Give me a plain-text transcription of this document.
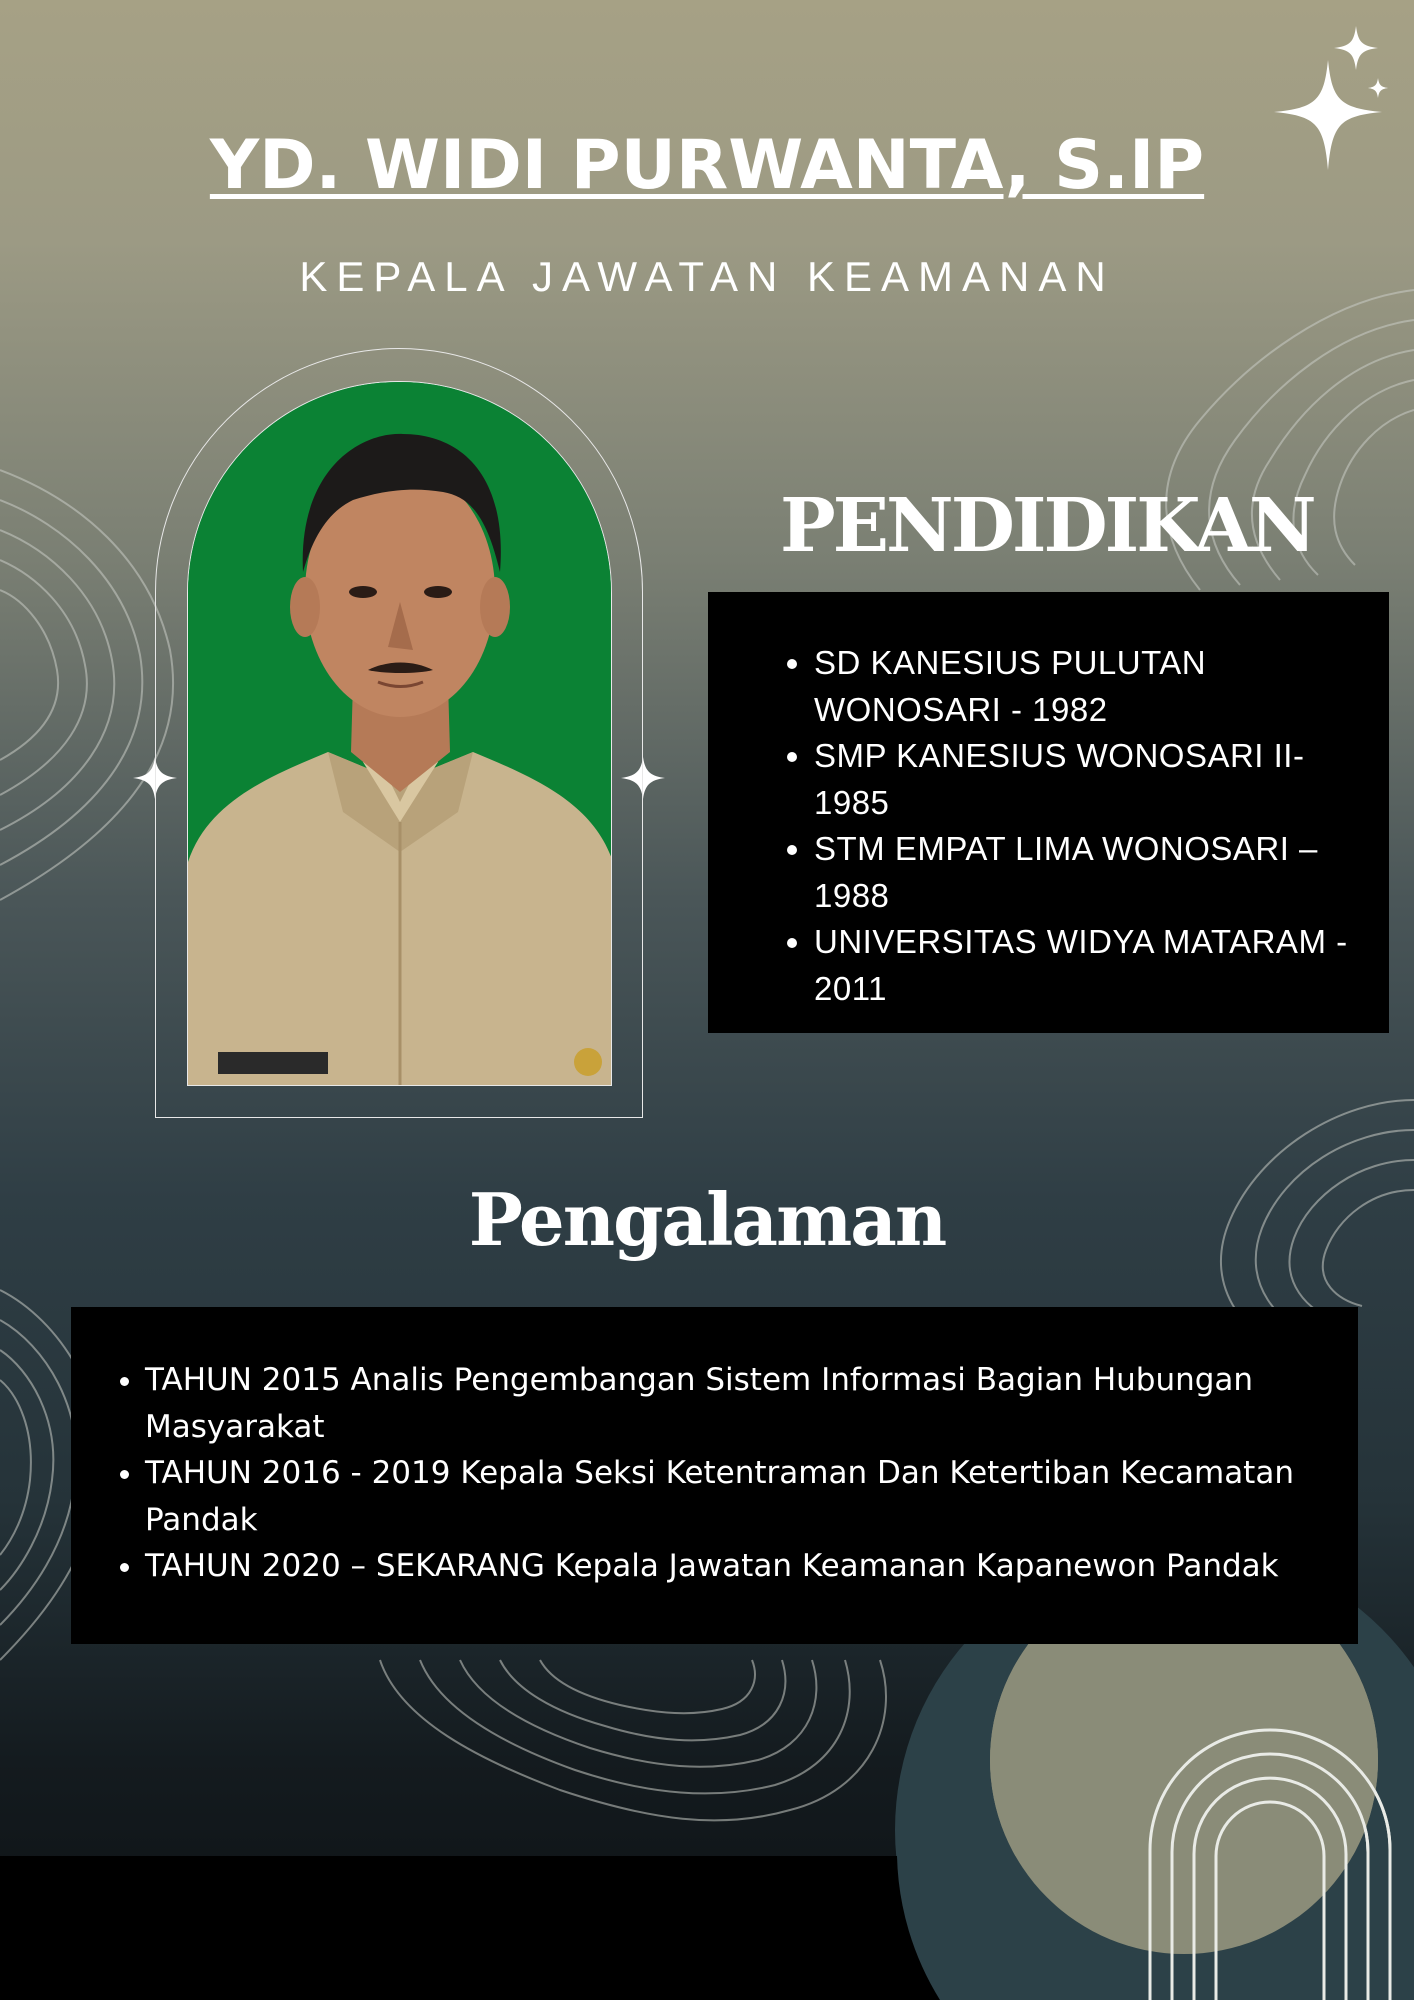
YD. WIDI PURWANTA, S.IP
KEPALA JAWATAN KEAMANAN
PENDIDIKAN
• SD KANESIUS PULUTAN WONOSARI - 1982
• SMP KANESIUS WONOSARI II-1985
• STM EMPAT LIMA WONOSARI – 1988
• UNIVERSITAS WIDYA MATARAM - 2011
Pengalaman
• TAHUN 2015 Analis Pengembangan Sistem Informasi Bagian Hubungan Masyarakat
• TAHUN 2016 - 2019 Kepala Seksi Ketentraman Dan Ketertiban Kecamatan Pandak
• TAHUN 2020 – SEKARANG Kepala Jawatan Keamanan Kapanewon Pandak
